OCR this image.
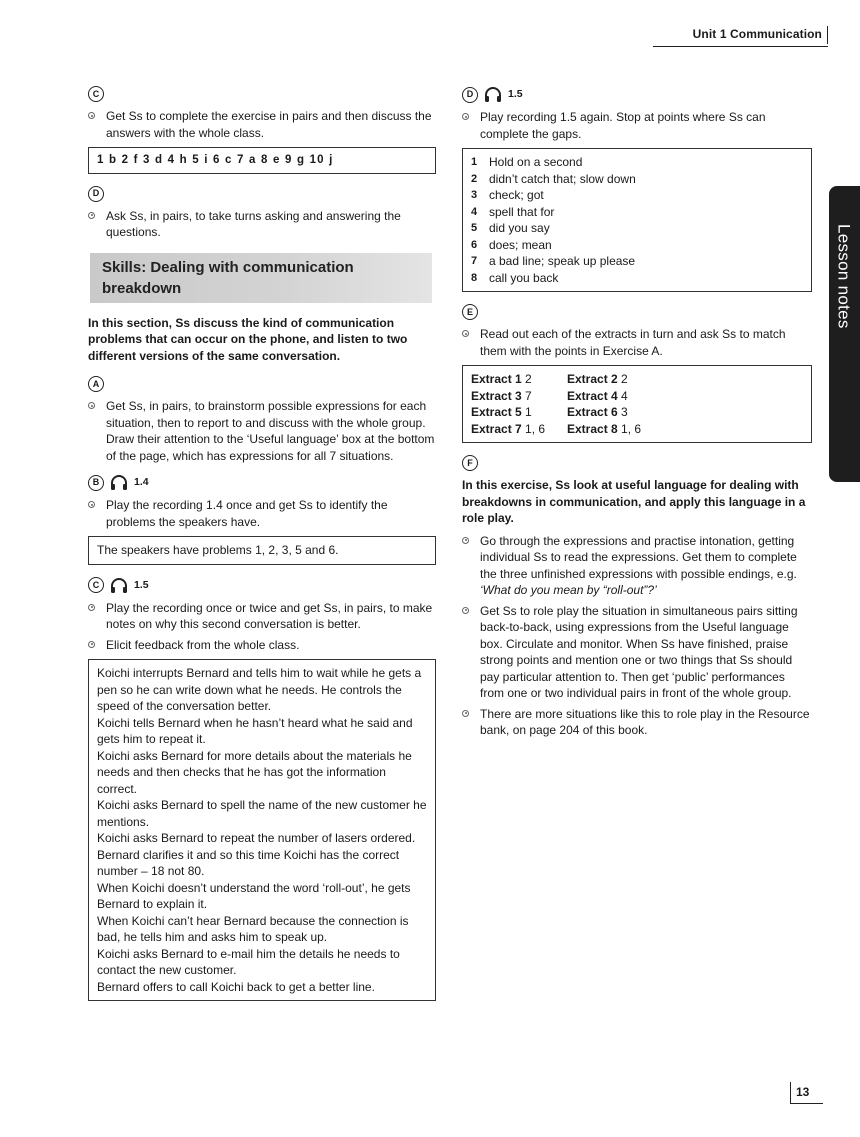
Unit 1 Communication
Lesson notes
C
Get Ss to complete the exercise in pairs and then discuss the answers with the whole class.
1 b 2 f 3 d 4 h 5 i 6 c 7 a 8 e 9 g 10 j
D
Ask Ss, in pairs, to take turns asking and answering the questions.
Skills: Dealing with communication breakdown

In this section, Ss discuss the kind of communication problems that can occur on the phone, and listen to two different versions of the same conversation.

A
Get Ss, in pairs, to brainstorm possible expressions for each situation, then to report to and discuss with the whole group. Draw their attention to the ‘Useful language’ box at the bottom of the page, which has expressions for all 7 situations.
B	1.4
Play the recording 1.4 once and get Ss to identify the problems the speakers have.
The speakers have problems 1, 2, 3, 5 and 6.
C	1.5
Play the recording once or twice and get Ss, in pairs, to make notes on why this second conversation is better.
Elicit feedback from the whole class.
Koichi interrupts Bernard and tells him to wait while he gets a pen so he can write down what he needs. He controls the speed of the conversation better.
Koichi tells Bernard when he hasn’t heard what he said and gets him to repeat it.
Koichi asks Bernard for more details about the materials he needs and then checks that he has got the information correct.
Koichi asks Bernard to spell the name of the new customer he mentions.
Koichi asks Bernard to repeat the number of lasers ordered. Bernard clarifies it and so this time Koichi has the correct number – 18 not 80.
When Koichi doesn’t understand the word ‘roll-out’, he gets Bernard to explain it.
When Koichi can’t hear Bernard because the connection is bad, he tells him and asks him to speak up.
Koichi asks Bernard to e-mail him the details he needs to contact the new customer.
Bernard offers to call Koichi back to get a better line.
D	1.5
Play recording 1.5 again. Stop at points where Ss can complete the gaps.
1 Hold on a second
2 didn’t catch that; slow down
3 check; got
4 spell that for
5 did you say
6 does; mean
7 a bad line; speak up please
8 call you back
E
Read out each of the extracts in turn and ask Ss to match them with the points in Exercise A.
Extract 1 2	Extract 2 2
Extract 3 7	Extract 4 4
Extract 5 1	Extract 6 3
Extract 7 1, 6	Extract 8 1, 6
F

In this exercise, Ss look at useful language for dealing with breakdowns in communication, and apply this language in a role play.

Go through the expressions and practise intonation, getting individual Ss to read the expressions. Get them to complete the three unfinished expressions with possible endings, e.g. ‘What do you mean by “roll-out”?’
Get Ss to role play the situation in simultaneous pairs sitting back-to-back, using expressions from the Useful language box. Circulate and monitor. When Ss have finished, praise strong points and mention one or two things that Ss should pay particular attention to. Then get ‘public’ performances from one or two individual pairs in front of the whole group.
There are more situations like this to role play in the Resource bank, on page 204 of this book.
13
